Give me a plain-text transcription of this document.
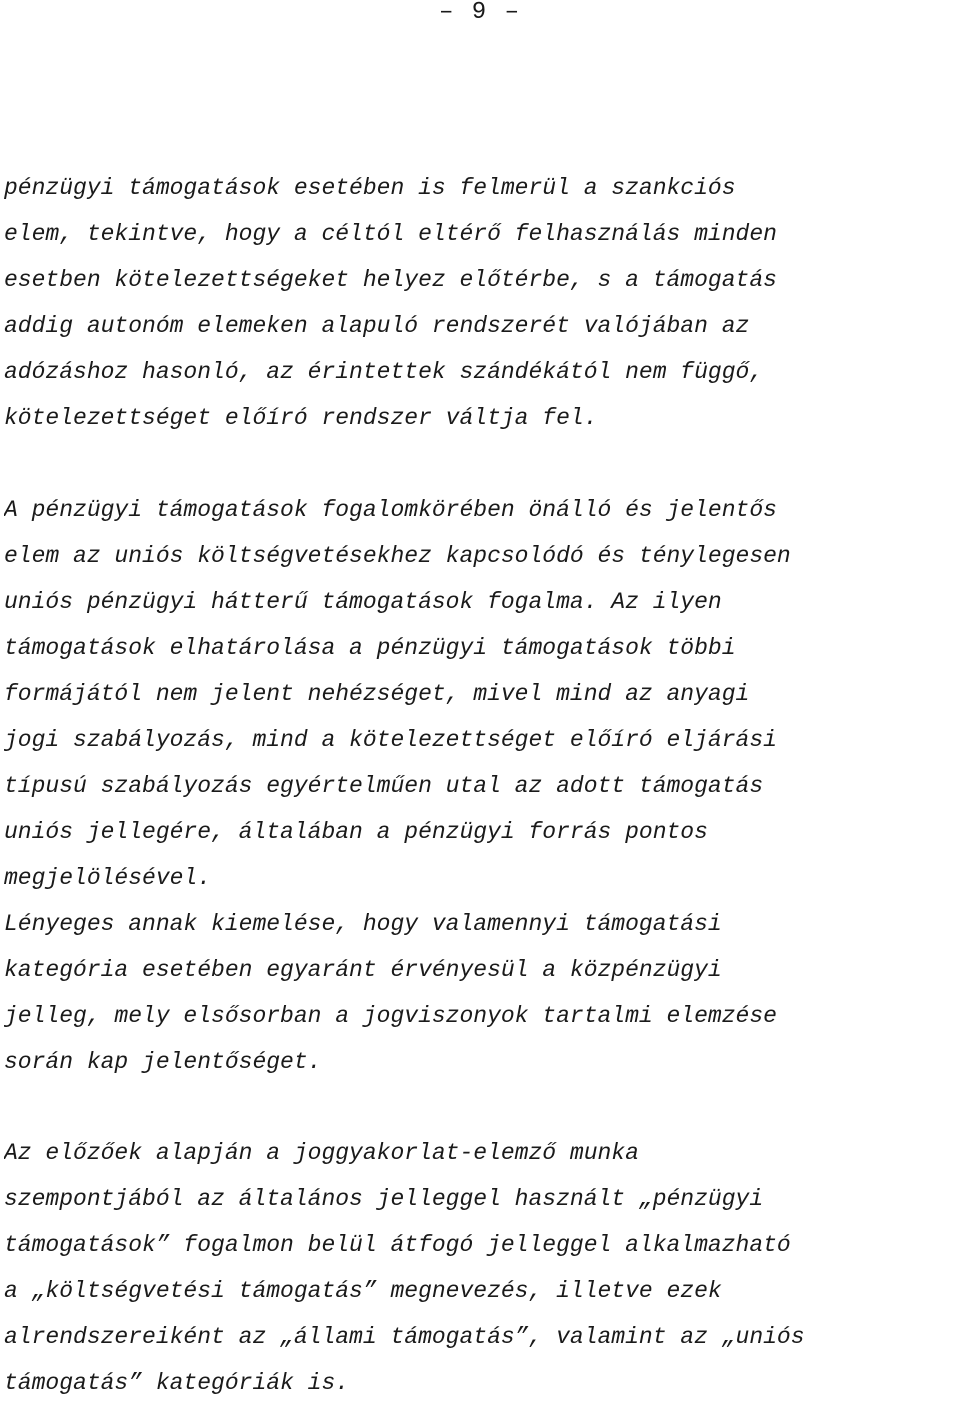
– 9 –
pénzügyi támogatások esetében is felmerül a szankciós
elem, tekintve, hogy a céltól eltérő felhasználás minden
esetben kötelezettségeket helyez előtérbe, s a támogatás
addig autonóm elemeken alapuló rendszerét valójában az
adózáshoz hasonló, az érintettek szándékától nem függő,
kötelezettséget előíró rendszer váltja fel.
A pénzügyi támogatások fogalomkörében önálló és jelentős
elem az uniós költségvetésekhez kapcsolódó és ténylegesen
uniós pénzügyi hátterű támogatások fogalma. Az ilyen
támogatások elhatárolása a pénzügyi támogatások többi
formájától nem jelent nehézséget, mivel mind az anyagi
jogi szabályozás, mind a kötelezettséget előíró eljárási
típusú szabályozás egyértelműen utal az adott támogatás
uniós jellegére, általában a pénzügyi forrás pontos
megjelölésével.
Lényeges annak kiemelése, hogy valamennyi támogatási
kategória esetében egyaránt érvényesül a közpénzügyi
jelleg, mely elsősorban a jogviszonyok tartalmi elemzése
során kap jelentőséget.
Az előzőek alapján a joggyakorlat-elemző munka
szempontjából az általános jelleggel használt „pénzügyi
támogatások” fogalmon belül átfogó jelleggel alkalmazható
a „költségvetési támogatás” megnevezés, illetve ezek
alrendszereiként az „állami támogatás”, valamint az „uniós
támogatás” kategóriák is.
